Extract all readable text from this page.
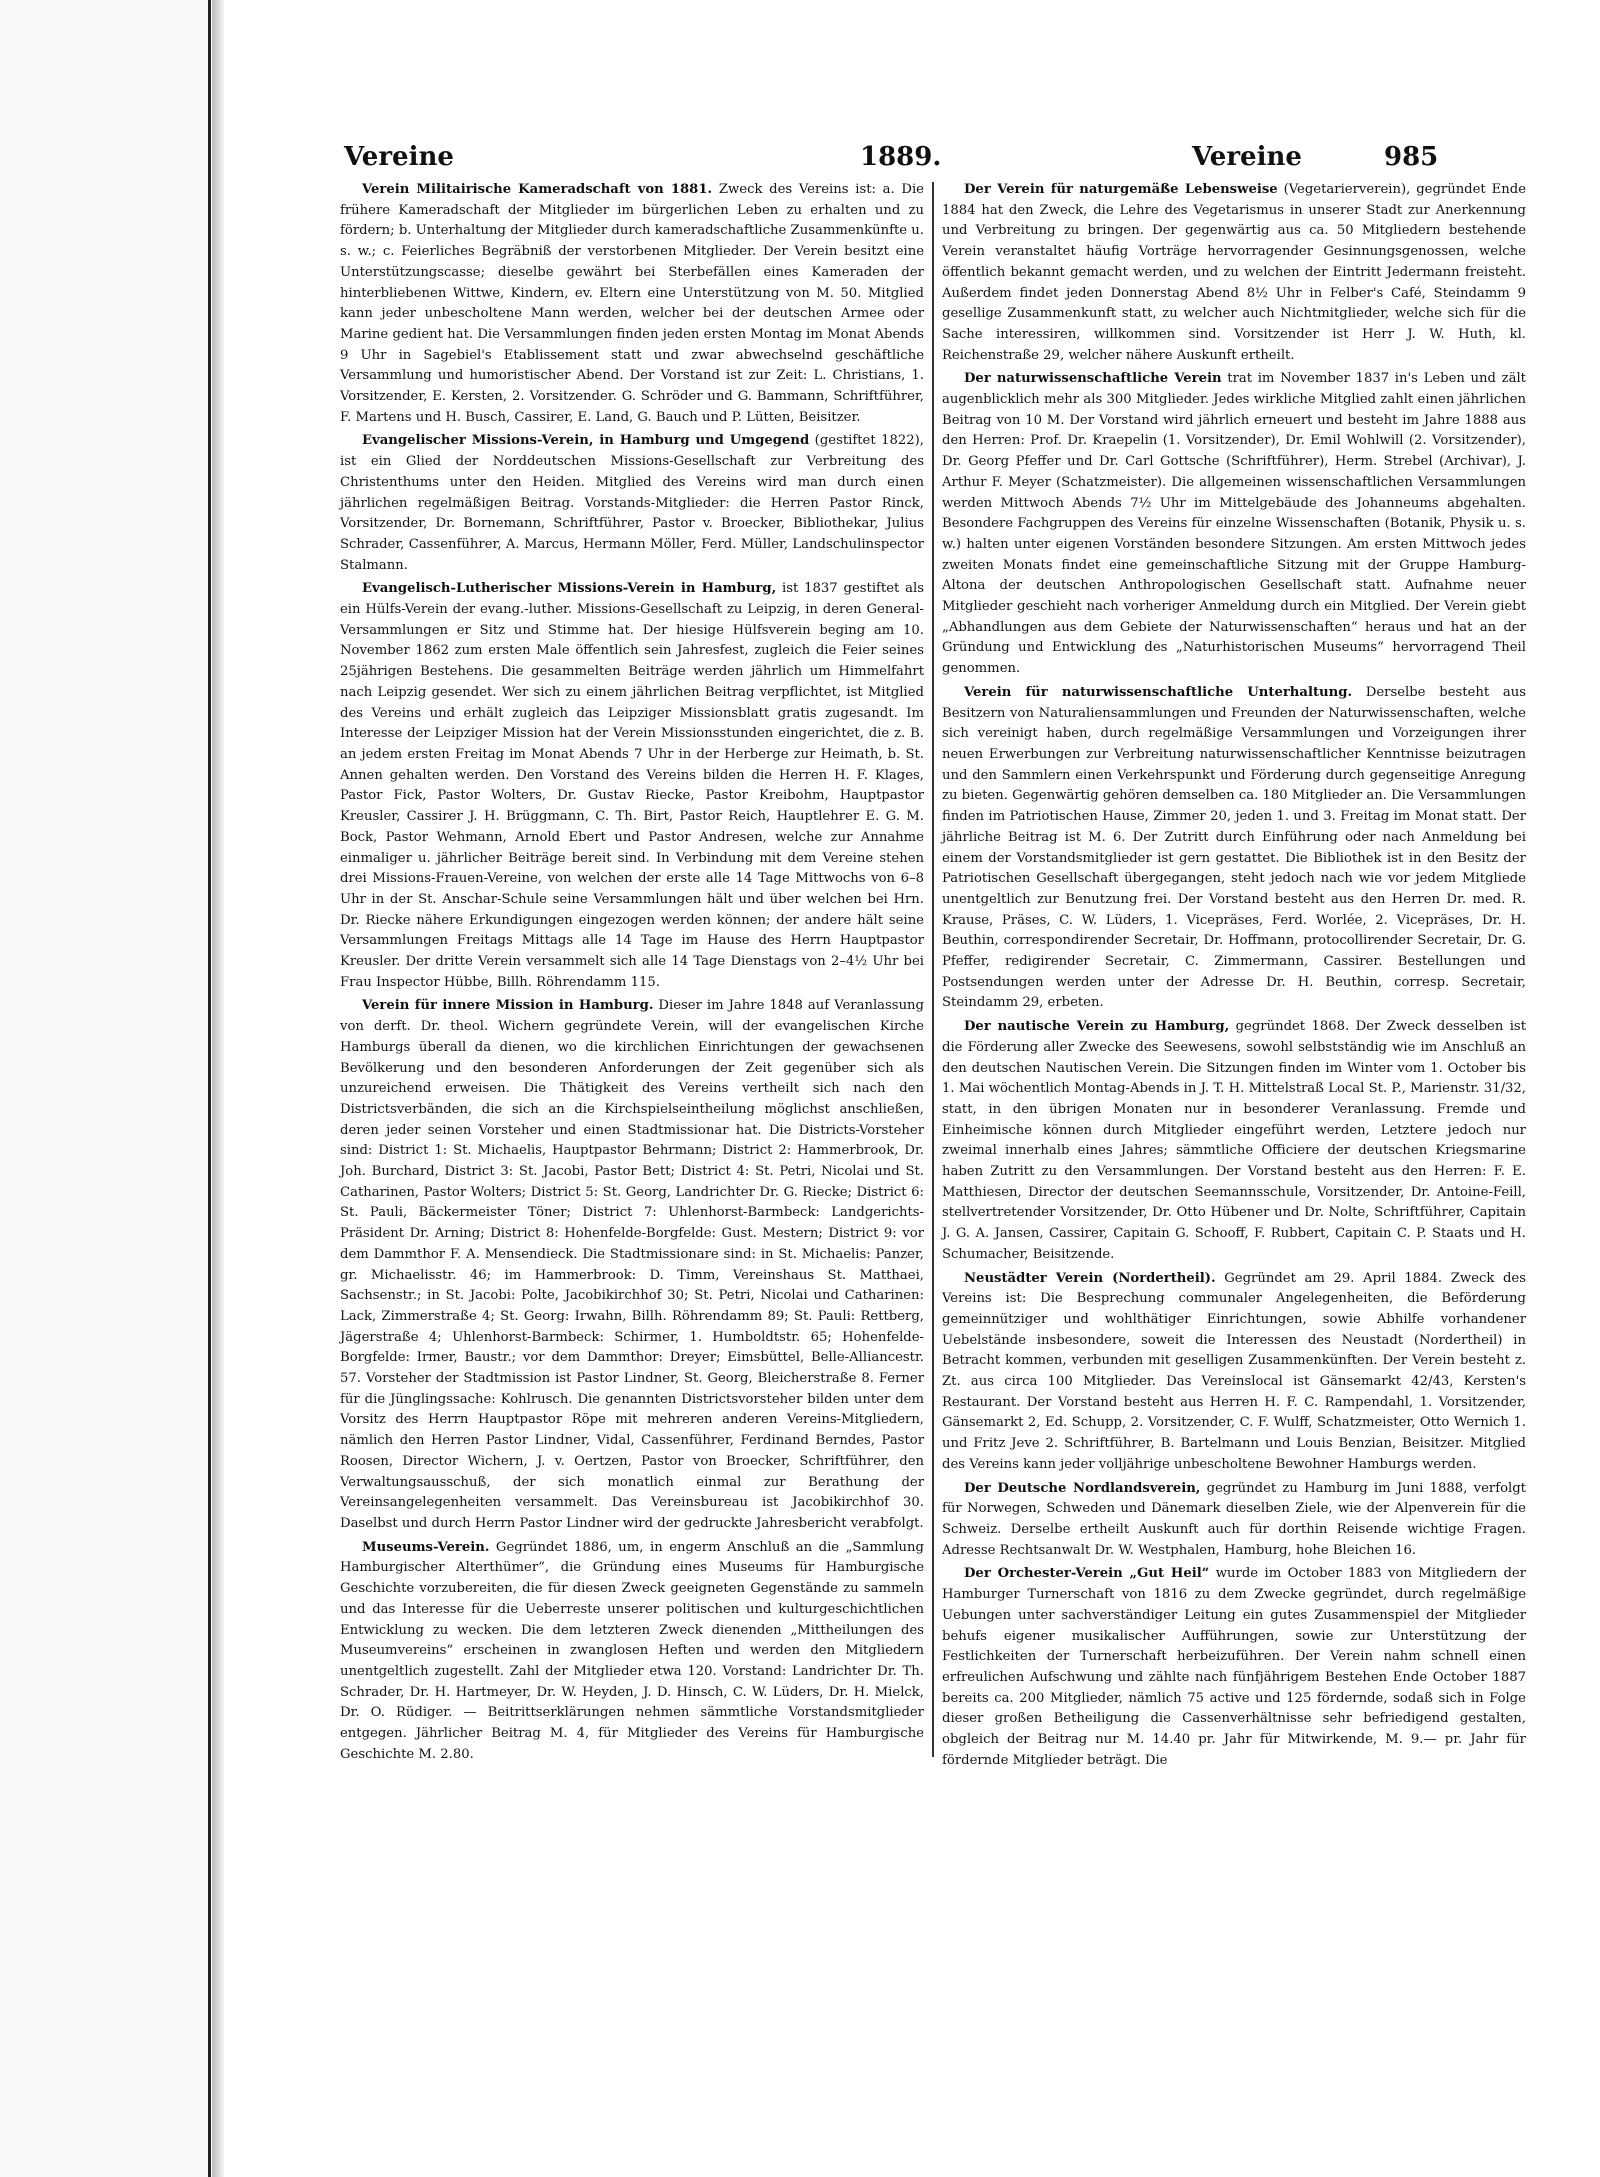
Vereine	1889.	Vereine	985

Verein Militairische Kameradschaft von 1881. Zweck des Vereins ist: a. Die frühere Kameradschaft der Mitglieder im bürgerlichen Leben zu erhalten und zu fördern; b. Unterhaltung der Mitglieder durch kameradschaftliche Zusammenkünfte u. s. w.; c. Feierliches Begräbniß der verstorbenen Mitglieder. Der Verein besitzt eine Unterstützungscasse; dieselbe gewährt bei Sterbefällen eines Kameraden der hinterbliebenen Wittwe, Kindern, ev. Eltern eine Unterstützung von M. 50. Mitglied kann jeder unbescholtene Mann werden, welcher bei der deutschen Armee oder Marine gedient hat. Die Versammlungen finden jeden ersten Montag im Monat Abends 9 Uhr in Sagebiel's Etablissement statt und zwar abwechselnd geschäftliche Versammlung und humoristischer Abend. Der Vorstand ist zur Zeit: L. Christians, 1. Vorsitzender, E. Kersten, 2. Vorsitzender. G. Schröder und G. Bammann, Schriftführer, F. Martens und H. Busch, Cassirer, E. Land, G. Bauch und P. Lütten, Beisitzer.

Evangelischer Missions-Verein, in Hamburg und Umgegend (gestiftet 1822), ist ein Glied der Norddeutschen Missions-Gesellschaft zur Verbreitung des Christenthums unter den Heiden. Mitglied des Vereins wird man durch einen jährlichen regelmäßigen Beitrag. Vorstands-Mitglieder: die Herren Pastor Rinck, Vorsitzender, Dr. Bornemann, Schriftführer, Pastor v. Broecker, Bibliothekar, Julius Schrader, Cassenführer, A. Marcus, Hermann Möller, Ferd. Müller, Landschulinspector Stalmann.

Evangelisch-Lutherischer Missions-Verein in Hamburg, ist 1837 gestiftet als ein Hülfs-Verein der evang.-luther. Missions-Gesellschaft zu Leipzig, in deren General-Versammlungen er Sitz und Stimme hat. Der hiesige Hülfsverein beging am 10. November 1862 zum ersten Male öffentlich sein Jahresfest, zugleich die Feier seines 25jährigen Bestehens. Die gesammelten Beiträge werden jährlich um Himmelfahrt nach Leipzig gesendet. Wer sich zu einem jährlichen Beitrag verpflichtet, ist Mitglied des Vereins und erhält zugleich das Leipziger Missionsblatt gratis zugesandt. Im Interesse der Leipziger Mission hat der Verein Missionsstunden eingerichtet, die z. B. an jedem ersten Freitag im Monat Abends 7 Uhr in der Herberge zur Heimath, b. St. Annen gehalten werden. Den Vorstand des Vereins bilden die Herren H. F. Klages, Pastor Fick, Pastor Wolters, Dr. Gustav Riecke, Pastor Kreibohm, Hauptpastor Kreusler, Cassirer J. H. Brüggmann, C. Th. Birt, Pastor Reich, Hauptlehrer E. G. M. Bock, Pastor Wehmann, Arnold Ebert und Pastor Andresen, welche zur Annahme einmaliger u. jährlicher Beiträge bereit sind. In Verbindung mit dem Vereine stehen drei Missions-Frauen-Vereine, von welchen der erste alle 14 Tage Mittwochs von 6–8 Uhr in der St. Anschar-Schule seine Versammlungen hält und über welchen bei Hrn. Dr. Riecke nähere Erkundigungen eingezogen werden können; der andere hält seine Versammlungen Freitags Mittags alle 14 Tage im Hause des Herrn Hauptpastor Kreusler. Der dritte Verein versammelt sich alle 14 Tage Dienstags von 2–4½ Uhr bei Frau Inspector Hübbe, Billh. Röhrendamm 115.

Verein für innere Mission in Hamburg. Dieser im Jahre 1848 auf Veranlassung von derft. Dr. theol. Wichern gegründete Verein, will der evangelischen Kirche Hamburgs überall da dienen, wo die kirchlichen Einrichtungen der gewachsenen Bevölkerung und den besonderen Anforderungen der Zeit gegenüber sich als unzureichend erweisen. Die Thätigkeit des Vereins vertheilt sich nach den Districtsverbänden, die sich an die Kirchspielseintheilung möglichst anschließen, deren jeder seinen Vorsteher und einen Stadtmissionar hat. Die Districts-Vorsteher sind: District 1: St. Michaelis, Hauptpastor Behrmann; District 2: Hammerbrook, Dr. Joh. Burchard, District 3: St. Jacobi, Pastor Bett; District 4: St. Petri, Nicolai und St. Catharinen, Pastor Wolters; District 5: St. Georg, Landrichter Dr. G. Riecke; District 6: St. Pauli, Bäckermeister Töner; District 7: Uhlenhorst-Barmbeck: Landgerichts-Präsident Dr. Arning; District 8: Hohenfelde-Borgfelde: Gust. Mestern; District 9: vor dem Dammthor F. A. Mensendieck. Die Stadtmissionare sind: in St. Michaelis: Panzer, gr. Michaelisstr. 46; im Hammerbrook: D. Timm, Vereinshaus St. Matthaei, Sachsenstr.; in St. Jacobi: Polte, Jacobikirchhof 30; St. Petri, Nicolai und Catharinen: Lack, Zimmerstraße 4; St. Georg: Irwahn, Billh. Röhrendamm 89; St. Pauli: Rettberg, Jägerstraße 4; Uhlenhorst-Barmbeck: Schirmer, 1. Humboldtstr. 65; Hohenfelde-Borgfelde: Irmer, Baustr.; vor dem Dammthor: Dreyer; Eimsbüttel, Belle-Alliancestr. 57. Vorsteher der Stadtmission ist Pastor Lindner, St. Georg, Bleicherstraße 8. Ferner für die Jünglingssache: Kohlrusch. Die genannten Districtsvorsteher bilden unter dem Vorsitz des Herrn Hauptpastor Röpe mit mehreren anderen Vereins-Mitgliedern, nämlich den Herren Pastor Lindner, Vidal, Cassenführer, Ferdinand Berndes, Pastor Roosen, Director Wichern, J. v. Oertzen, Pastor von Broecker, Schriftführer, den Verwaltungsausschuß, der sich monatlich einmal zur Berathung der Vereinsangelegenheiten versammelt. Das Vereinsbureau ist Jacobikirchhof 30. Daselbst und durch Herrn Pastor Lindner wird der gedruckte Jahresbericht verabfolgt.

Museums-Verein. Gegründet 1886, um, in engerm Anschluß an die „Sammlung Hamburgischer Alterthümer“, die Gründung eines Museums für Hamburgische Geschichte vorzubereiten, die für diesen Zweck geeigneten Gegenstände zu sammeln und das Interesse für die Ueberreste unserer politischen und kulturgeschichtlichen Entwicklung zu wecken. Die dem letzteren Zweck dienenden „Mittheilungen des Museumvereins“ erscheinen in zwanglosen Heften und werden den Mitgliedern unentgeltlich zugestellt. Zahl der Mitglieder etwa 120. Vorstand: Landrichter Dr. Th. Schrader, Dr. H. Hartmeyer, Dr. W. Heyden, J. D. Hinsch, C. W. Lüders, Dr. H. Mielck, Dr. O. Rüdiger. — Beitrittserklärungen nehmen sämmtliche Vorstandsmitglieder entgegen. Jährlicher Beitrag M. 4, für Mitglieder des Vereins für Hamburgische Geschichte M. 2.80.

Der Verein für naturgemäße Lebensweise (Vegetarierverein), gegründet Ende 1884 hat den Zweck, die Lehre des Vegetarismus in unserer Stadt zur Anerkennung und Verbreitung zu bringen. Der gegenwärtig aus ca. 50 Mitgliedern bestehende Verein veranstaltet häufig Vorträge hervorragender Gesinnungsgenossen, welche öffentlich bekannt gemacht werden, und zu welchen der Eintritt Jedermann freisteht. Außerdem findet jeden Donnerstag Abend 8½ Uhr in Felber's Café, Steindamm 9 gesellige Zusammenkunft statt, zu welcher auch Nichtmitglieder, welche sich für die Sache interessiren, willkommen sind. Vorsitzender ist Herr J. W. Huth, kl. Reichenstraße 29, welcher nähere Auskunft ertheilt.

Der naturwissenschaftliche Verein trat im November 1837 in's Leben und zält augenblicklich mehr als 300 Mitglieder. Jedes wirkliche Mitglied zahlt einen jährlichen Beitrag von 10 M. Der Vorstand wird jährlich erneuert und besteht im Jahre 1888 aus den Herren: Prof. Dr. Kraepelin (1. Vorsitzender), Dr. Emil Wohlwill (2. Vorsitzender), Dr. Georg Pfeffer und Dr. Carl Gottsche (Schriftführer), Herm. Strebel (Archivar), J. Arthur F. Meyer (Schatzmeister). Die allgemeinen wissenschaftlichen Versammlungen werden Mittwoch Abends 7½ Uhr im Mittelgebäude des Johanneums abgehalten. Besondere Fachgruppen des Vereins für einzelne Wissenschaften (Botanik, Physik u. s. w.) halten unter eigenen Vorständen besondere Sitzungen. Am ersten Mittwoch jedes zweiten Monats findet eine gemeinschaftliche Sitzung mit der Gruppe Hamburg-Altona der deutschen Anthropologischen Gesellschaft statt. Aufnahme neuer Mitglieder geschieht nach vorheriger Anmeldung durch ein Mitglied. Der Verein giebt „Abhandlungen aus dem Gebiete der Naturwissenschaften“ heraus und hat an der Gründung und Entwicklung des „Naturhistorischen Museums“ hervorragend Theil genommen.

Verein für naturwissenschaftliche Unterhaltung. Derselbe besteht aus Besitzern von Naturaliensammlungen und Freunden der Naturwissenschaften, welche sich vereinigt haben, durch regelmäßige Versammlungen und Vorzeigungen ihrer neuen Erwerbungen zur Verbreitung naturwissenschaftlicher Kenntnisse beizutragen und den Sammlern einen Verkehrspunkt und Förderung durch gegenseitige Anregung zu bieten. Gegenwärtig gehören demselben ca. 180 Mitglieder an. Die Versammlungen finden im Patriotischen Hause, Zimmer 20, jeden 1. und 3. Freitag im Monat statt. Der jährliche Beitrag ist M. 6. Der Zutritt durch Einführung oder nach Anmeldung bei einem der Vorstandsmitglieder ist gern gestattet. Die Bibliothek ist in den Besitz der Patriotischen Gesellschaft übergegangen, steht jedoch nach wie vor jedem Mitgliede unentgeltlich zur Benutzung frei. Der Vorstand besteht aus den Herren Dr. med. R. Krause, Präses, C. W. Lüders, 1. Vicepräses, Ferd. Worlée, 2. Vicepräses, Dr. H. Beuthin, correspondirender Secretair, Dr. Hoffmann, protocollirender Secretair, Dr. G. Pfeffer, redigirender Secretair, C. Zimmermann, Cassirer. Bestellungen und Postsendungen werden unter der Adresse Dr. H. Beuthin, corresp. Secretair, Steindamm 29, erbeten.

Der nautische Verein zu Hamburg, gegründet 1868. Der Zweck desselben ist die Förderung aller Zwecke des Seewesens, sowohl selbstständig wie im Anschluß an den deutschen Nautischen Verein. Die Sitzungen finden im Winter vom 1. October bis 1. Mai wöchentlich Montag-Abends in J. T. H. Mittelstraß Local St. P., Marienstr. 31/32, statt, in den übrigen Monaten nur in besonderer Veranlassung. Fremde und Einheimische können durch Mitglieder eingeführt werden, Letztere jedoch nur zweimal innerhalb eines Jahres; sämmtliche Officiere der deutschen Kriegsmarine haben Zutritt zu den Versammlungen. Der Vorstand besteht aus den Herren: F. E. Matthiesen, Director der deutschen Seemannsschule, Vorsitzender, Dr. Antoine-Feill, stellvertretender Vorsitzender, Dr. Otto Hübener und Dr. Nolte, Schriftführer, Capitain J. G. A. Jansen, Cassirer, Capitain G. Schooff, F. Rubbert, Capitain C. P. Staats und H. Schumacher, Beisitzende.

Neustädter Verein (Nordertheil). Gegründet am 29. April 1884. Zweck des Vereins ist: Die Besprechung communaler Angelegenheiten, die Beförderung gemeinnütziger und wohlthätiger Einrichtungen, sowie Abhilfe vorhandener Uebelstände insbesondere, soweit die Interessen des Neustadt (Nordertheil) in Betracht kommen, verbunden mit geselligen Zusammenkünften. Der Verein besteht z. Zt. aus circa 100 Mitglieder. Das Vereinslocal ist Gänsemarkt 42/43, Kersten's Restaurant. Der Vorstand besteht aus Herren H. F. C. Rampendahl, 1. Vorsitzender, Gänsemarkt 2, Ed. Schupp, 2. Vorsitzender, C. F. Wulff, Schatzmeister, Otto Wernich 1. und Fritz Jeve 2. Schriftführer, B. Bartelmann und Louis Benzian, Beisitzer. Mitglied des Vereins kann jeder volljährige unbescholtene Bewohner Hamburgs werden.

Der Deutsche Nordlandsverein, gegründet zu Hamburg im Juni 1888, verfolgt für Norwegen, Schweden und Dänemark dieselben Ziele, wie der Alpenverein für die Schweiz. Derselbe ertheilt Auskunft auch für dorthin Reisende wichtige Fragen. Adresse Rechtsanwalt Dr. W. Westphalen, Hamburg, hohe Bleichen 16.

Der Orchester-Verein „Gut Heil“ wurde im October 1883 von Mitgliedern der Hamburger Turnerschaft von 1816 zu dem Zwecke gegründet, durch regelmäßige Uebungen unter sachverständiger Leitung ein gutes Zusammenspiel der Mitglieder behufs eigener musikalischer Aufführungen, sowie zur Unterstützung der Festlichkeiten der Turnerschaft herbeizuführen. Der Verein nahm schnell einen erfreulichen Aufschwung und zählte nach fünfjährigem Bestehen Ende October 1887 bereits ca. 200 Mitglieder, nämlich 75 active und 125 fördernde, sodaß sich in Folge dieser großen Betheiligung die Cassenverhältnisse sehr befriedigend gestalten, obgleich der Beitrag nur M. 14.40 pr. Jahr für Mitwirkende, M. 9.— pr. Jahr für fördernde Mitglieder beträgt. Die
